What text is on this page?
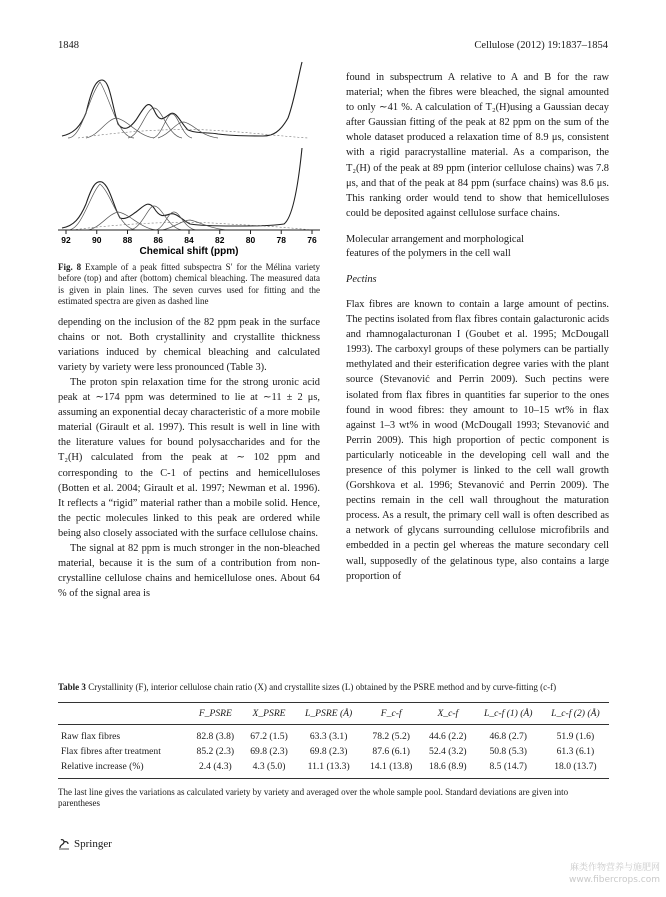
1848	Cellulose (2012) 19:1837–1854
92	90	88	86	84	82	80	78	76
Chemical shift (ppm)
Fig. 8 Example of a peak fitted subspectra S′ for the Mélina variety before (top) and after (bottom) chemical bleaching. The measured data is given in plain lines. The seven curves used for fitting and the estimated spectra are given as dashed line

depending on the inclusion of the 82 ppm peak in the surface chains or not. Both crystallinity and crystallite thickness variations induced by chemical bleaching and calculated variety by variety were less pronounced (Table 3).

The proton spin relaxation time for the strong uronic acid peak at ∼174 ppm was determined to lie at ∼11 ± 2 μs, assuming an exponential decay characteristic of a more mobile material (Girault et al. 1997). This result is well in line with the literature values for bound polysaccharides and for the T₂(H) calculated from the peak at ∼ 102 ppm and corresponding to the C-1 of pectins and hemicelluloses (Botten et al. 2004; Girault et al. 1997; Newman et al. 1996). It reflects a “rigid” material rather than a mobile solid. Hence, the pectic molecules linked to this peak are ordered while being also closely associated with the surface cellulose chains.

The signal at 82 ppm is much stronger in the non-bleached material, because it is the sum of a contribution from non-crystalline cellulose chains and hemicellulose ones. About 64 % of the signal area is

found in subspectrum A relative to A and B for the raw material; when the fibres were bleached, the signal amounted to only ∼41 %. A calculation of T₂(H)using a Gaussian decay after Gaussian fitting of the peak at 82 ppm on the sum of the whole dataset produced a relaxation time of 8.9 μs, consistent with a rigid paracrystalline material. As a comparison, the T₂(H) of the peak at 89 ppm (interior cellulose chains) was 7.8 μs, and that of the peak at 84 ppm (surface chains) was 8.6 μs. This ranking order would tend to show that hemicelluloses could be deposited against cellulose surface chains.

Molecular arrangement and morphological
features of the polymers in the cell wall
Pectins

Flax fibres are known to contain a large amount of pectins. The pectins isolated from flax fibres contain galacturonic acids and rhamnogalacturonan I (Goubet et al. 1995; McDougall 1993). The carboxyl groups of these polymers can be partially methylated and their esterification degree varies with the plant source (Stevanović and Perrin 2009). Such pectins were isolated from flax fibres in quantities far superior to the ones found in wood fibres: they amount to 10–15 wt% in flax against 1–3 wt% in wood (McDougall 1993; Stevanović and Perrin 2009). This high proportion of pectic component is particularly noticeable in the developing cell wall and the presence of this polymer is linked to the cell wall growth (Gorshkova et al. 1996; Stevanović and Perrin 2009). The pectins remain in the cell wall throughout the maturation process. As a result, the primary cell wall is often described as a network of glycans surrounding cellulose microfibrils and embedded in a pectin gel whereas the mature secondary cell wall, supposedly of the gelatinous type, also contains a large proportion of

Table 3 Crystallinity (F), interior cellulose chain ratio (X) and crystallite sizes (L) obtained by the PSRE method and by curve-fitting (c-f)
	F_PSRE	X_PSRE	L_PSRE (Å)	F_c-f	X_c-f	L_c-f (1) (Å)	L_c-f (2) (Å)
Raw flax fibres	82.8 (3.8)	67.2 (1.5)	63.3 (3.1)	78.2 (5.2)	44.6 (2.2)	46.8 (2.7)	51.9 (1.6)
Flax fibres after treatment	85.2 (2.3)	69.8 (2.3)	69.8 (2.3)	87.6 (6.1)	52.4 (3.2)	50.8 (5.3)	61.3 (6.1)
Relative increase (%)	2.4 (4.3)	4.3 (5.0)	11.1 (13.3)	14.1 (13.8)	18.6 (8.9)	8.5 (14.7)	18.0 (13.7)
The last line gives the variations as calculated variety by variety and averaged over the whole sample pool. Standard deviations are given into parentheses
Springer
麻类作物营养与施肥网
www.fibercrops.com
